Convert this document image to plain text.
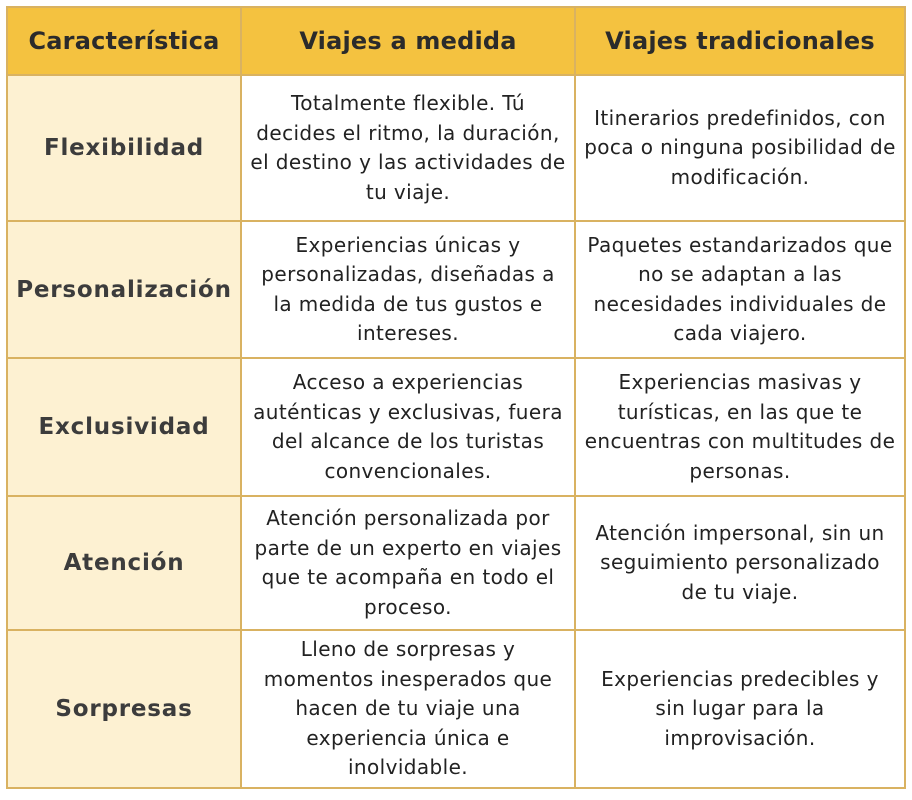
Característica	Viajes a medida	Viajes tradicionales
Flexibilidad	Totalmente flexible. Tú decides el ritmo, la duración, el destino y las actividades de tu viaje.	Itinerarios predefinidos, con poca o ninguna posibilidad de modificación.
Personalización	Experiencias únicas y personalizadas, diseñadas a la medida de tus gustos e intereses.	Paquetes estandarizados que no se adaptan a las necesidades individuales de cada viajero.
Exclusividad	Acceso a experiencias auténticas y exclusivas, fuera del alcance de los turistas convencionales.	Experiencias masivas y turísticas, en las que te encuentras con multitudes de personas.
Atención	Atención personalizada por parte de un experto en viajes que te acompaña en todo el proceso.	Atención impersonal, sin un seguimiento personalizado de tu viaje.
Sorpresas	Lleno de sorpresas y momentos inesperados que hacen de tu viaje una experiencia única e inolvidable.	Experiencias predecibles y sin lugar para la improvisación.
